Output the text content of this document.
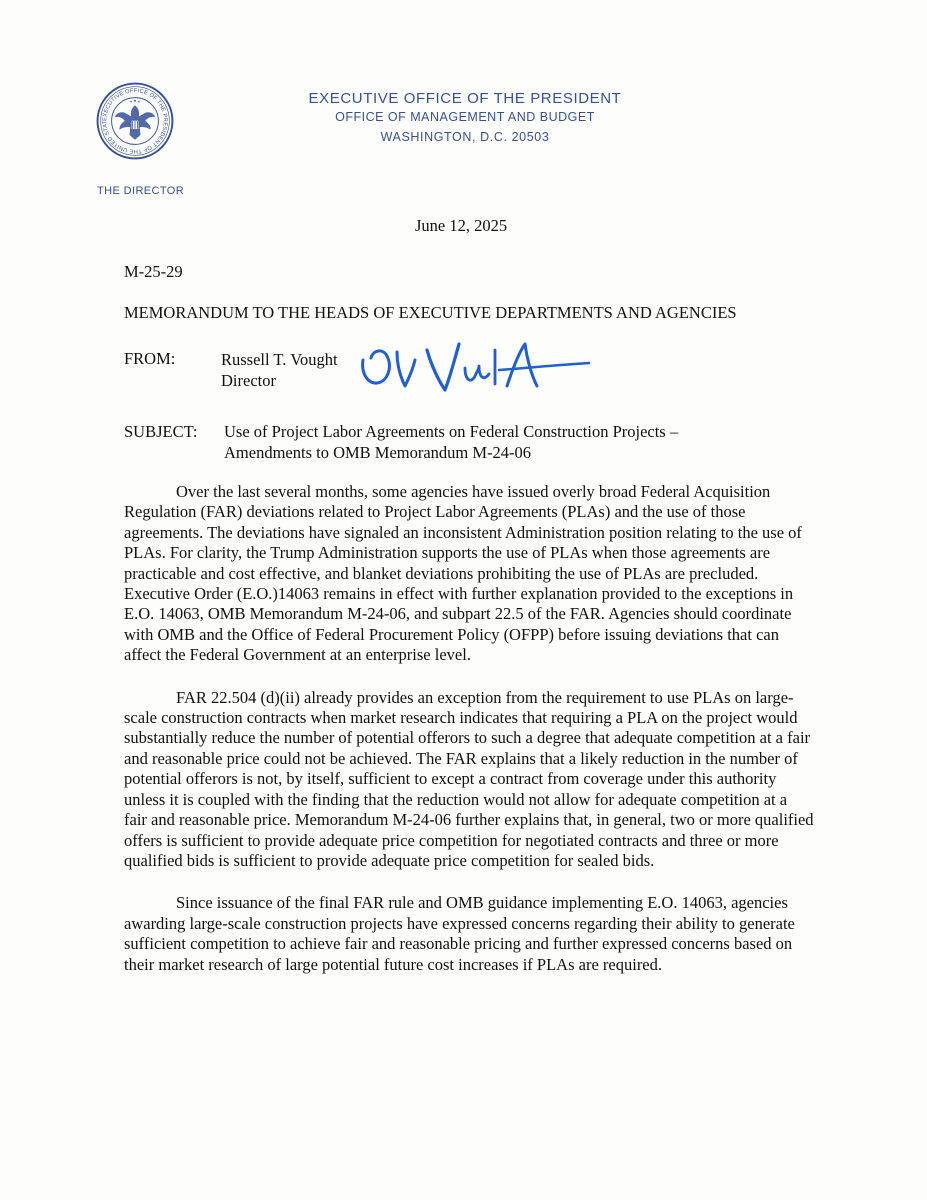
EXECUTIVE OFFICE OF THE PRESIDENT OF THE UNITED STAT
THE DIRECTOR
EXECUTIVE OFFICE OF THE PRESIDENT
OFFICE OF MANAGEMENT AND BUDGET
WASHINGTON, D.C. 20503
June 12, 2025
M-25-29
MEMORANDUM TO THE HEADS OF EXECUTIVE DEPARTMENTS AND AGENCIES
FROM:	Russell T. Vought
Director
SUBJECT: Use of Project Labor Agreements on Federal Construction Projects –
Amendments to OMB Memorandum M-24-06

Over the last several months, some agencies have issued overly broad Federal Acquisition Regulation (FAR) deviations related to Project Labor Agreements (PLAs) and the use of those agreements. The deviations have signaled an inconsistent Administration position relating to the use of PLAs. For clarity, the Trump Administration supports the use of PLAs when those agreements are practicable and cost effective, and blanket deviations prohibiting the use of PLAs are precluded. Executive Order (E.O.)14063 remains in effect with further explanation provided to the exceptions in E.O. 14063, OMB Memorandum M-24-06, and subpart 22.5 of the FAR. Agencies should coordinate with OMB and the Office of Federal Procurement Policy (OFPP) before issuing deviations that can affect the Federal Government at an enterprise level.

FAR 22.504 (d)(ii) already provides an exception from the requirement to use PLAs on large-scale construction contracts when market research indicates that requiring a PLA on the project would substantially reduce the number of potential offerors to such a degree that adequate competition at a fair and reasonable price could not be achieved. The FAR explains that a likely reduction in the number of potential offerors is not, by itself, sufficient to except a contract from coverage under this authority unless it is coupled with the finding that the reduction would not allow for adequate competition at a fair and reasonable price. Memorandum M-24-06 further explains that, in general, two or more qualified offers is sufficient to provide adequate price competition for negotiated contracts and three or more qualified bids is sufficient to provide adequate price competition for sealed bids.

Since issuance of the final FAR rule and OMB guidance implementing E.O. 14063, agencies awarding large-scale construction projects have expressed concerns regarding their ability to generate sufficient competition to achieve fair and reasonable pricing and further expressed concerns based on their market research of large potential future cost increases if PLAs are required.
